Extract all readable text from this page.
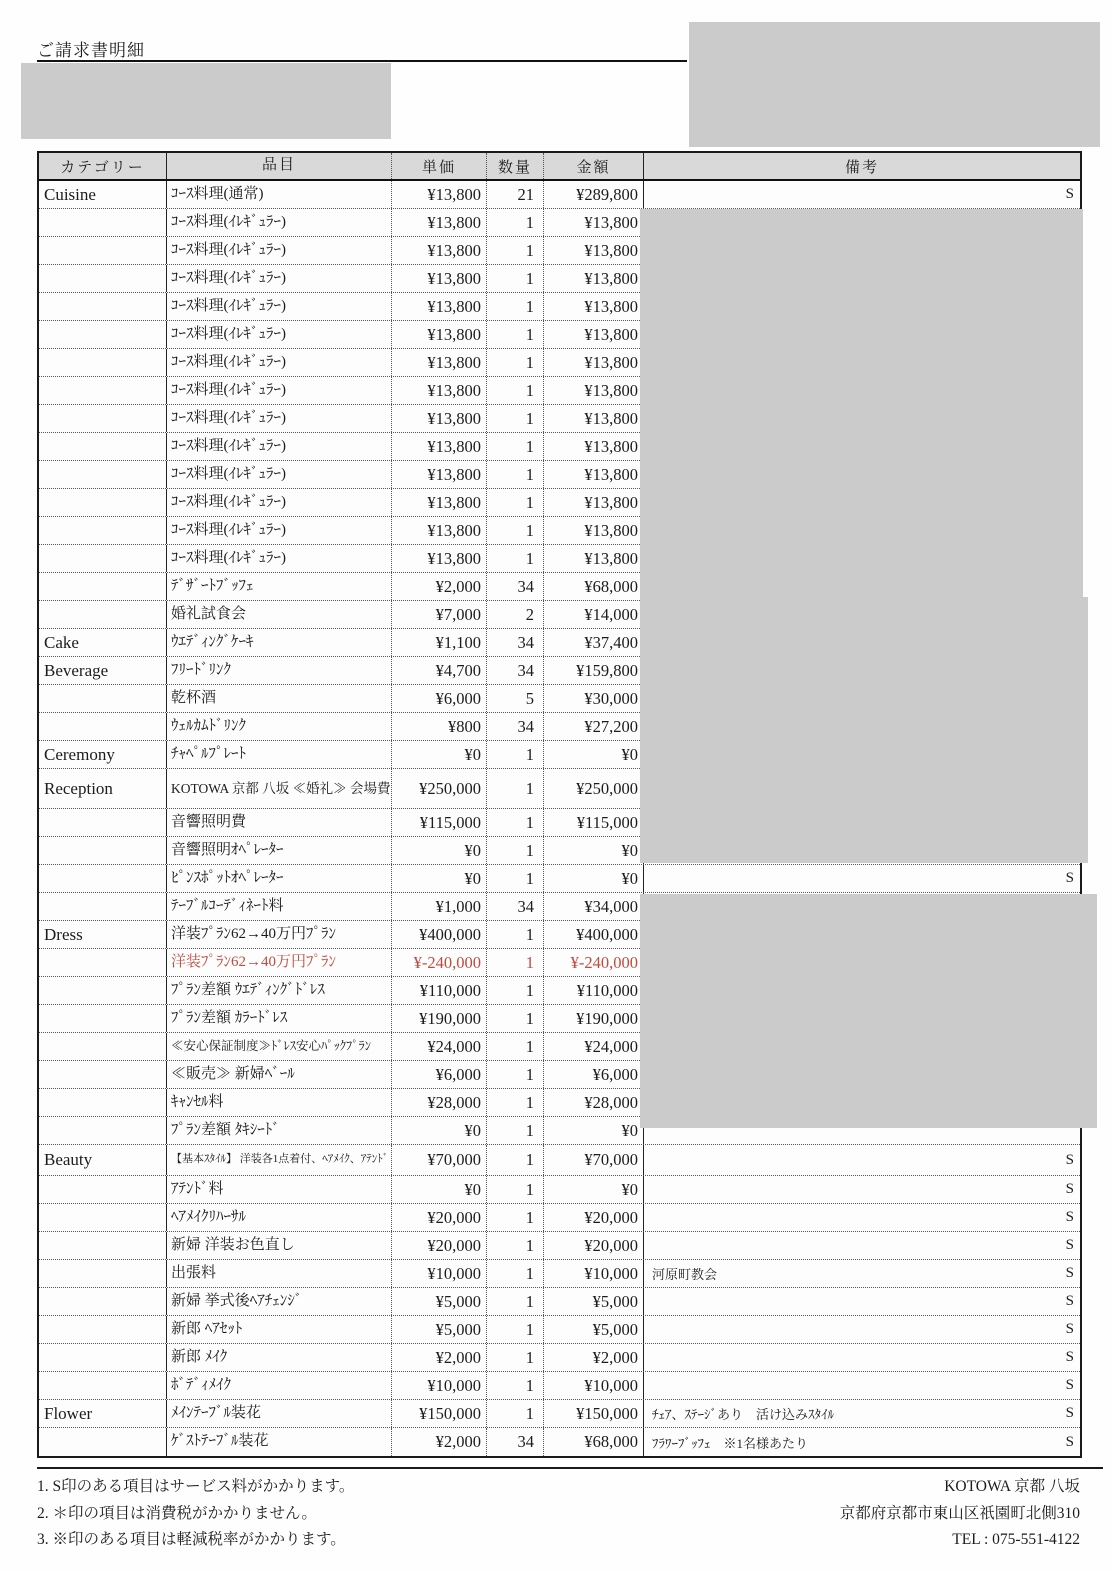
ご請求書明細
カテゴリー	品目	単価	数量	金額	備考
Cuisine	ｺｰｽ料理(通常)	¥13,800	21	¥289,800	S
ｺｰｽ料理(ｲﾚｷﾞｭﾗｰ)	¥13,800	1	¥13,800
ｺｰｽ料理(ｲﾚｷﾞｭﾗｰ)	¥13,800	1	¥13,800
ｺｰｽ料理(ｲﾚｷﾞｭﾗｰ)	¥13,800	1	¥13,800
ｺｰｽ料理(ｲﾚｷﾞｭﾗｰ)	¥13,800	1	¥13,800
ｺｰｽ料理(ｲﾚｷﾞｭﾗｰ)	¥13,800	1	¥13,800
ｺｰｽ料理(ｲﾚｷﾞｭﾗｰ)	¥13,800	1	¥13,800
ｺｰｽ料理(ｲﾚｷﾞｭﾗｰ)	¥13,800	1	¥13,800
ｺｰｽ料理(ｲﾚｷﾞｭﾗｰ)	¥13,800	1	¥13,800
ｺｰｽ料理(ｲﾚｷﾞｭﾗｰ)	¥13,800	1	¥13,800
ｺｰｽ料理(ｲﾚｷﾞｭﾗｰ)	¥13,800	1	¥13,800
ｺｰｽ料理(ｲﾚｷﾞｭﾗｰ)	¥13,800	1	¥13,800
ｺｰｽ料理(ｲﾚｷﾞｭﾗｰ)	¥13,800	1	¥13,800
ｺｰｽ料理(ｲﾚｷﾞｭﾗｰ)	¥13,800	1	¥13,800
ﾃﾞｻﾞｰﾄﾌﾞｯﾌｪ	¥2,000	34	¥68,000
婚礼試食会	¥7,000	2	¥14,000
Cake	ｳｴﾃﾞｨﾝｸﾞｹｰｷ	¥1,100	34	¥37,400
Beverage	ﾌﾘｰﾄﾞﾘﾝｸ	¥4,700	34	¥159,800
乾杯酒	¥6,000	5	¥30,000
ｳｪﾙｶﾑﾄﾞﾘﾝｸ	¥800	34	¥27,200
Ceremony	ﾁｬﾍﾟﾙﾌﾟﾚｰﾄ	¥0	1	¥0
Reception	KOTOWA 京都 八坂 ≪婚礼≫ 会場費	¥250,000	1	¥250,000
音響照明費	¥115,000	1	¥115,000
音響照明ｵﾍﾟﾚｰﾀｰ	¥0	1	¥0
ﾋﾟﾝｽﾎﾟｯﾄｵﾍﾟﾚｰﾀｰ	¥0	1	¥0	S
ﾃｰﾌﾞﾙｺｰﾃﾞｨﾈｰﾄ料	¥1,000	34	¥34,000
Dress	洋装ﾌﾟﾗﾝ62→40万円ﾌﾟﾗﾝ	¥400,000	1	¥400,000
洋装ﾌﾟﾗﾝ62→40万円ﾌﾟﾗﾝ	¥-240,000	1	¥-240,000
ﾌﾟﾗﾝ差額 ｳｴﾃﾞｨﾝｸﾞﾄﾞﾚｽ	¥110,000	1	¥110,000
ﾌﾟﾗﾝ差額 ｶﾗｰﾄﾞﾚｽ	¥190,000	1	¥190,000
≪安心保証制度≫ﾄﾞﾚｽ安心ﾊﾟｯｸﾌﾟﾗﾝ	¥24,000	1	¥24,000
≪販売≫ 新婦ﾍﾞｰﾙ	¥6,000	1	¥6,000
ｷｬﾝｾﾙ料	¥28,000	1	¥28,000
ﾌﾟﾗﾝ差額 ﾀｷｼｰﾄﾞ	¥0	1	¥0
Beauty	【基本ｽﾀｲﾙ】 洋装各1点着付、ﾍｱﾒｲｸ、ｱﾃﾝﾄﾞ	¥70,000	1	¥70,000	S
ｱﾃﾝﾄﾞ料	¥0	1	¥0	S
ﾍｱﾒｲｸﾘﾊｰｻﾙ	¥20,000	1	¥20,000	S
新婦 洋装お色直し	¥20,000	1	¥20,000	S
出張料	¥10,000	1	¥10,000	河原町教会	S
新婦 挙式後ﾍｱﾁｪﾝｼﾞ	¥5,000	1	¥5,000	S
新郎 ﾍｱｾｯﾄ	¥5,000	1	¥5,000	S
新郎 ﾒｲｸ	¥2,000	1	¥2,000	S
ﾎﾞﾃﾞｨﾒｲｸ	¥10,000	1	¥10,000	S
Flower	ﾒｲﾝﾃｰﾌﾞﾙ装花	¥150,000	1	¥150,000	ﾁｪｱ、ｽﾃｰｼﾞあり　活け込みｽﾀｲﾙ	S
ｹﾞｽﾄﾃｰﾌﾞﾙ装花	¥2,000	34	¥68,000	ﾌﾗﾜｰﾌﾞｯﾌｪ　※1名様あたり	S
1. S印のある項目はサービス料がかかります。
2. ＊印の項目は消費税がかかりません。
3. ※印のある項目は軽減税率がかかります。
KOTOWA 京都 八坂
京都府京都市東山区祇園町北側310
TEL : 075-551-4122
